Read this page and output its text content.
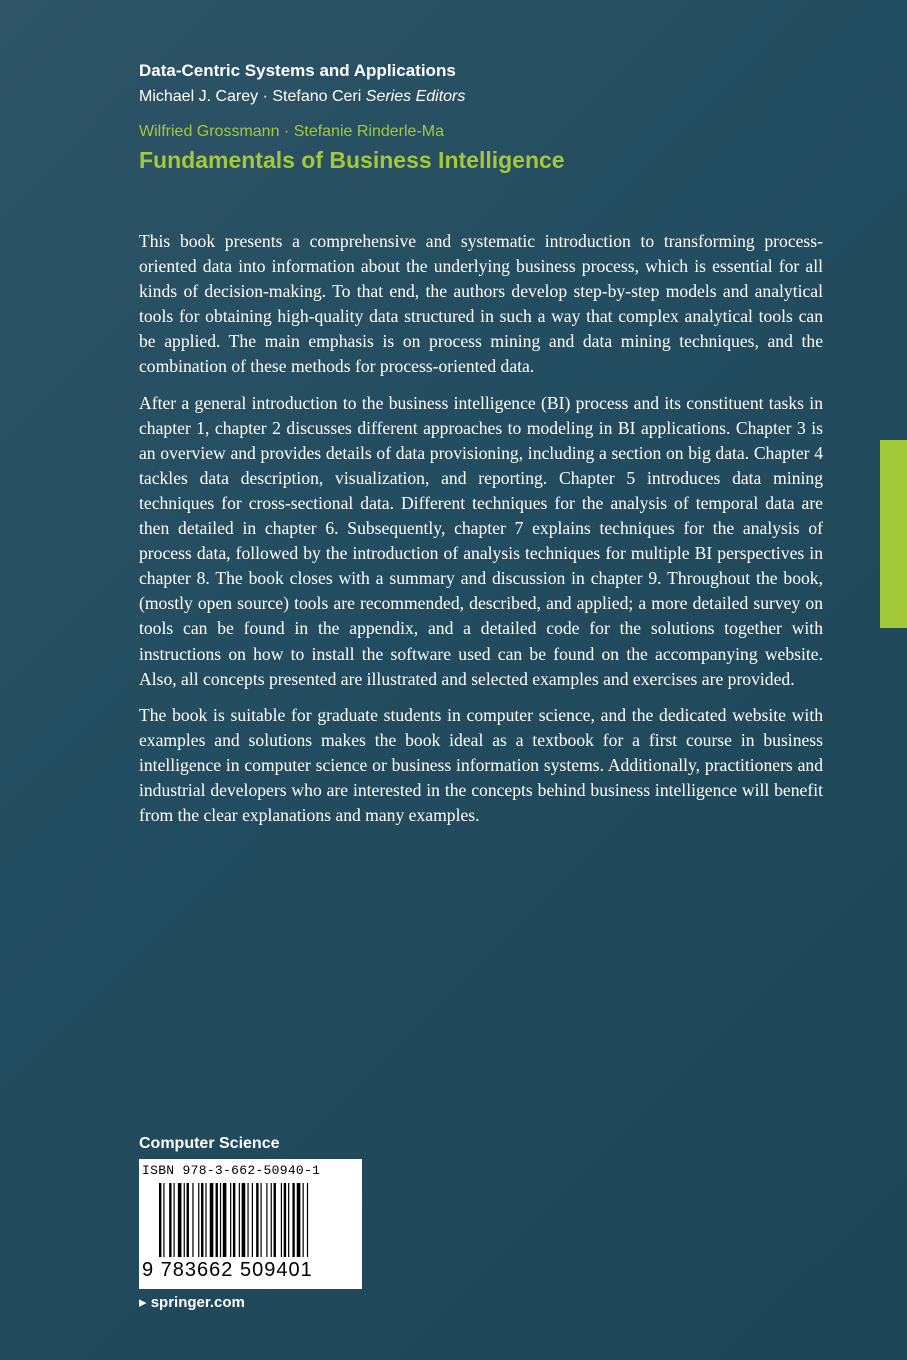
Data-Centric Systems and Applications

Michael J. Carey · Stefano Ceri Series Editors

Wilfried Grossmann · Stefanie Rinderle-Ma
Fundamentals of Business Intelligence

This book presents a comprehensive and systematic introduction to transforming process-oriented data into information about the underlying business process, which is essential for all kinds of decision-making. To that end, the authors develop step-by-step models and analytical tools for obtaining high-quality data structured in such a way that complex analytical tools can be applied. The main emphasis is on process mining and data mining techniques, and the combination of these methods for process-oriented data.

After a general introduction to the business intelligence (BI) process and its constituent tasks in chapter 1, chapter 2 discusses different approaches to modeling in BI applications. Chapter 3 is an overview and provides details of data provisioning, including a section on big data. Chapter 4 tackles data description, visualization, and reporting. Chapter 5 introduces data mining techniques for cross-sectional data. Different techniques for the analysis of temporal data are then detailed in chapter 6. Subsequently, chapter 7 explains techniques for the analysis of process data, followed by the introduction of analysis techniques for multiple BI perspectives in chapter 8. The book closes with a summary and discussion in chapter 9. Throughout the book, (mostly open source) tools are recommended, described, and applied; a more detailed survey on tools can be found in the appendix, and a detailed code for the solutions together with instructions on how to install the software used can be found on the accompanying website. Also, all concepts presented are illustrated and selected examples and exercises are provided.

The book is suitable for graduate students in computer science, and the dedicated website with examples and solutions makes the book ideal as a textbook for a first course in business intelligence in computer science or business information systems. Additionally, practitioners and industrial developers who are interested in the concepts behind business intelligence will benefit from the clear explanations and many examples.

Computer Science
ISBN 978-3-662-50940-1
9 783662 509401
▸ springer.com
